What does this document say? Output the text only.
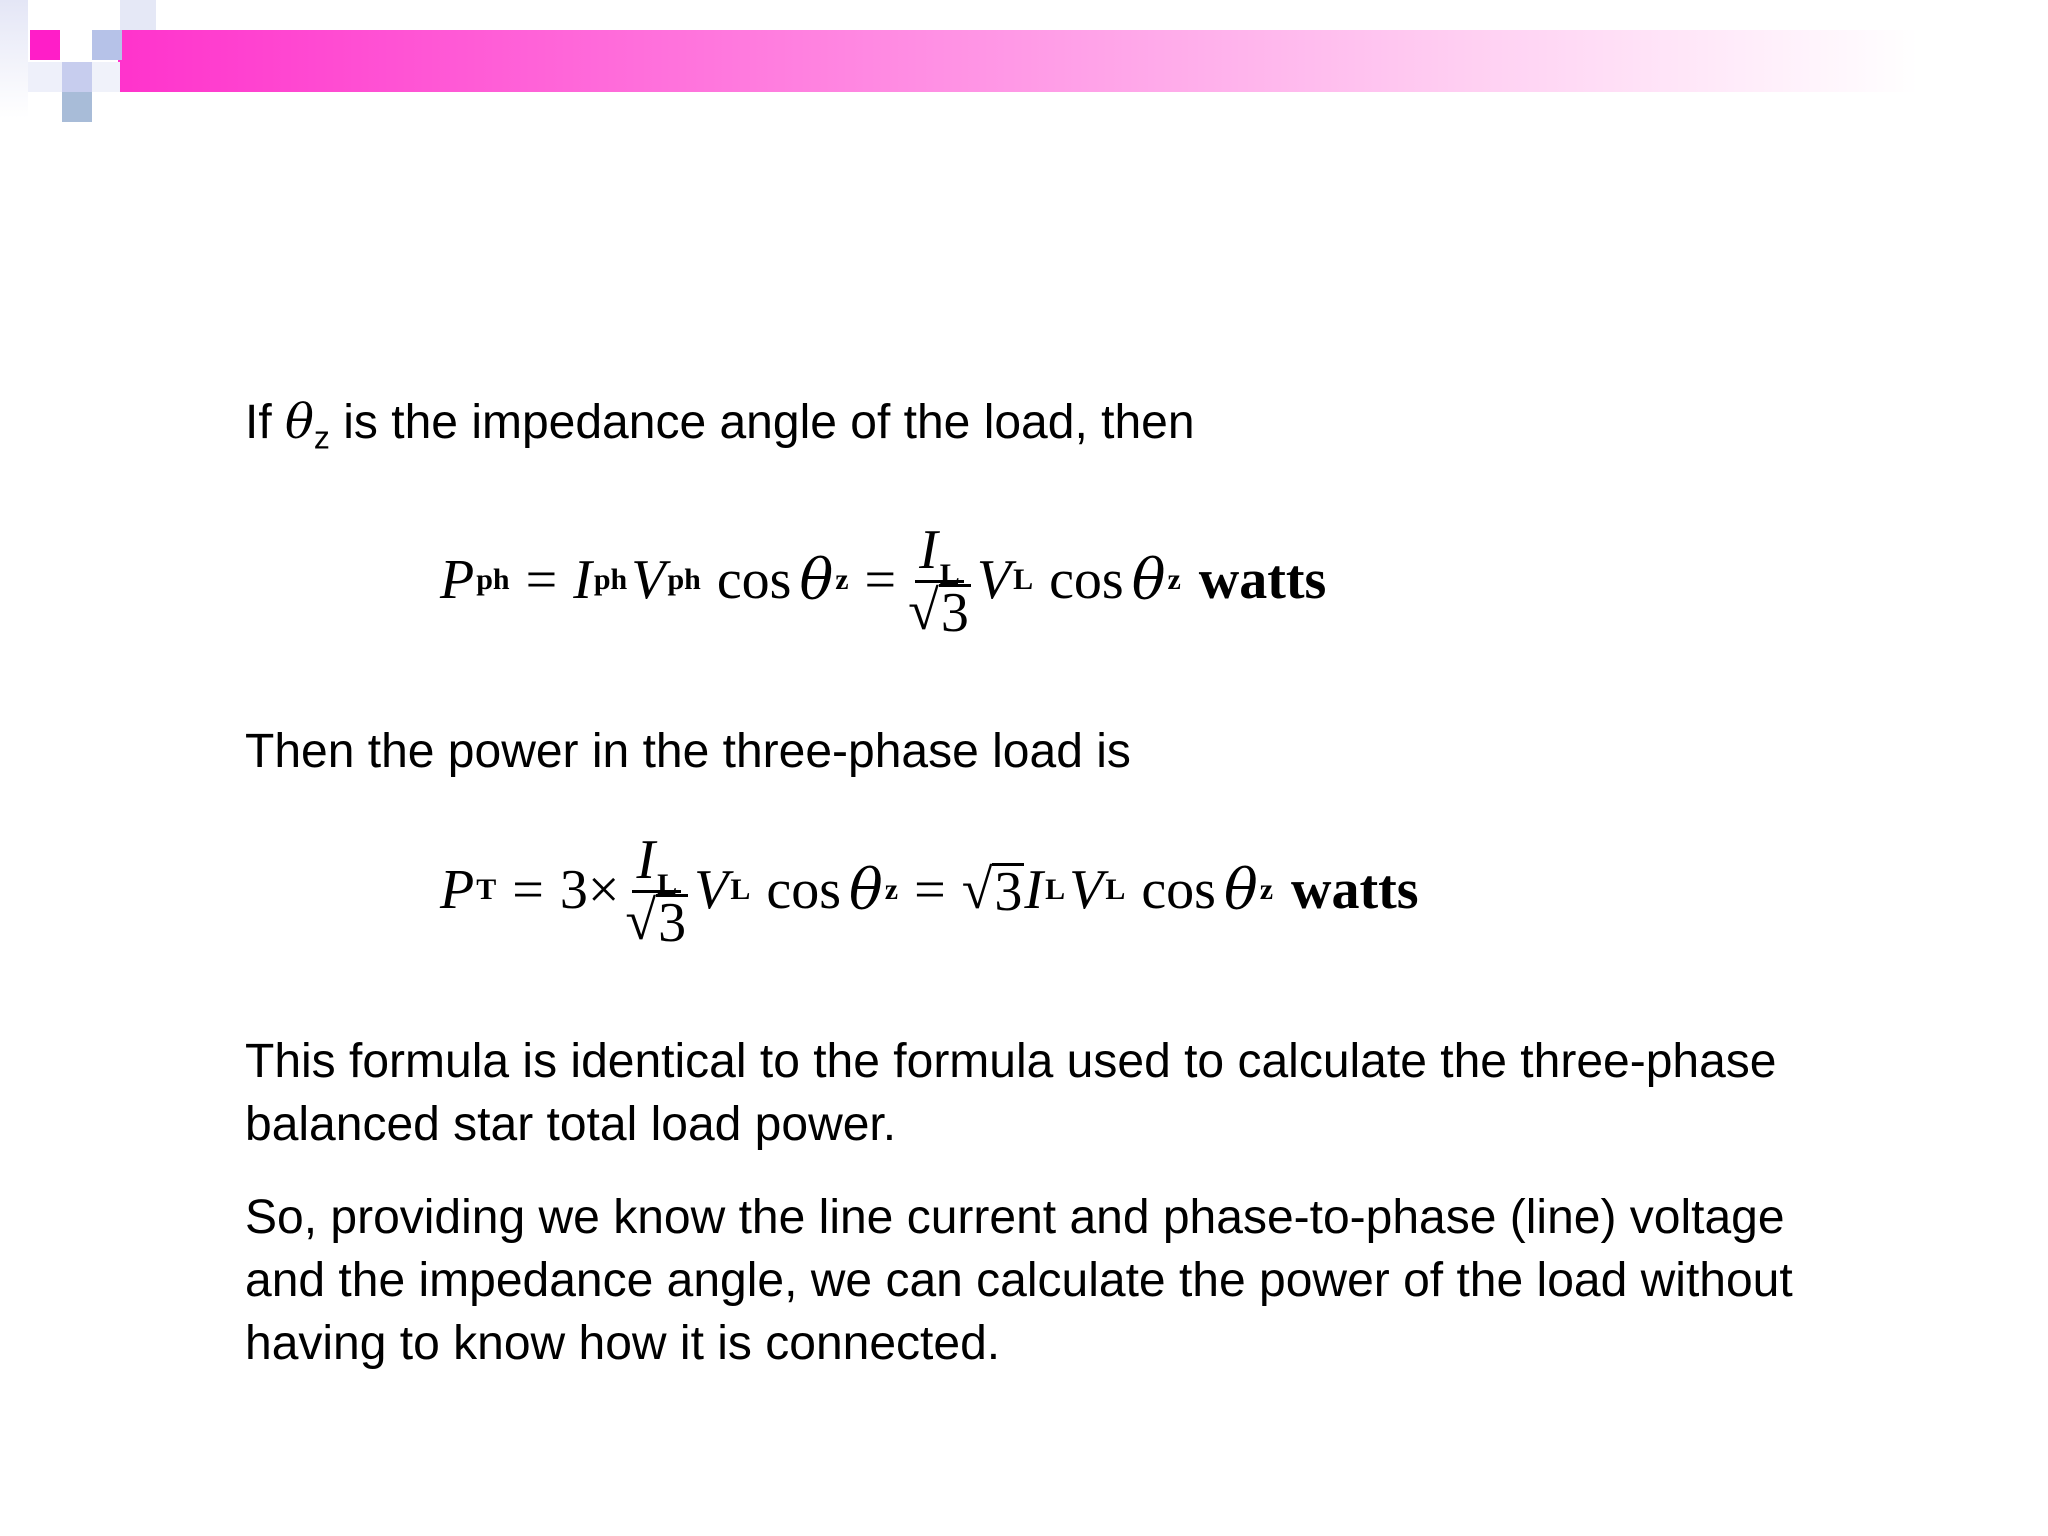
If $\theta_z$ is the impedance angle of the load, then
P ph = I ph V ph cos θ $z = \frac{I_L}{√ 3}$ V L cos θ z watts
Then the power in the three-phase load is
P $T = 3\times \frac{I_L}{√ 3}$ V L cos θ z = √ 3 I L V L cos θ z watts
This formula is identical to the formula used to calculate the three-phase balanced star total load power.
So, providing we know the line current and phase-to-phase (line) voltage and the impedance angle, we can calculate the power of the load without having to know how it is connected.
